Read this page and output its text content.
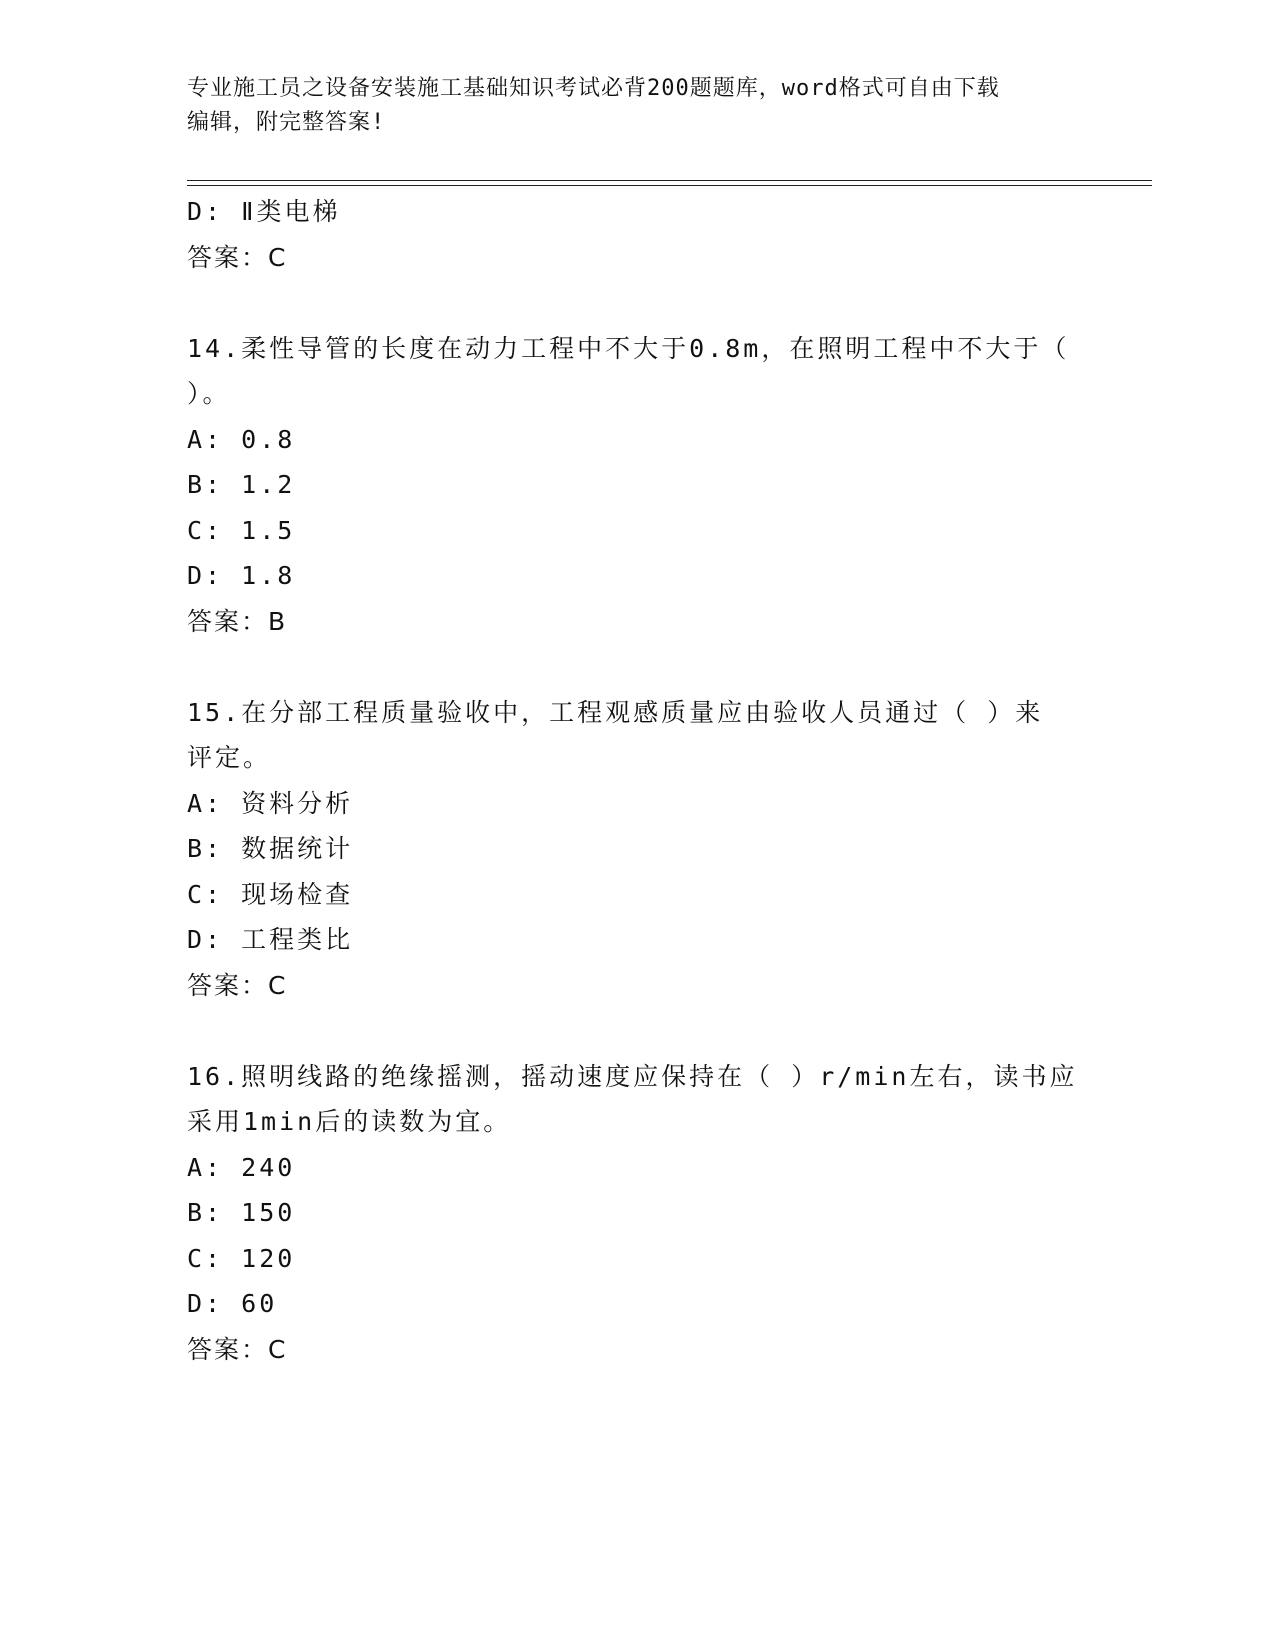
专业施工员之设备安装施工基础知识考试必背200题题库，word格式可自由下载
编辑，附完整答案!
D: Ⅱ类电梯
答案：C
14.柔性导管的长度在动力工程中不大于0.8m，在照明工程中不大于（
）。
A: 0.8
B: 1.2
C: 1.5
D: 1.8
答案：B
15.在分部工程质量验收中，工程观感质量应由验收人员通过（ ）来
评定。
A: 资料分析
B: 数据统计
C: 现场检查
D: 工程类比
答案：C
16.照明线路的绝缘摇测，摇动速度应保持在（ ）r/min左右，读书应
采用1min后的读数为宜。
A: 240
B: 150
C: 120
D: 60
答案：C
